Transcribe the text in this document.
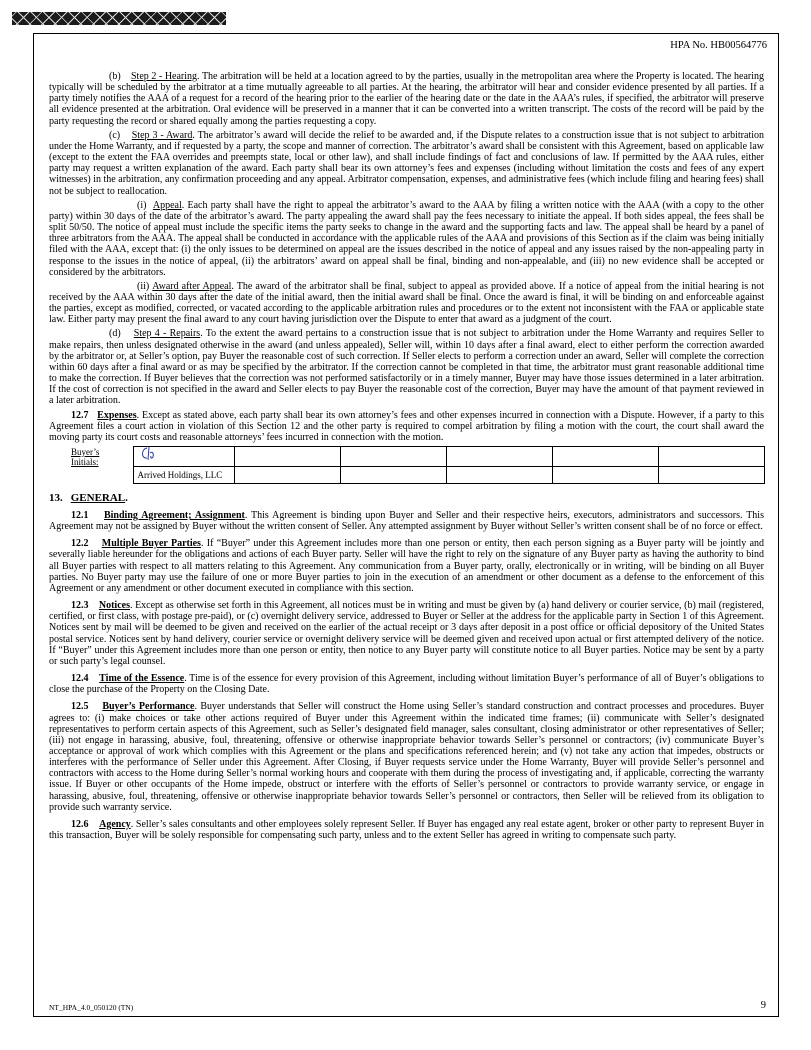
HPA No. HB00564776

(b) Step 2 - Hearing. The arbitration will be held at a location agreed to by the parties, usually in the metropolitan area where the Property is located. The hearing typically will be scheduled by the arbitrator at a time mutually agreeable to all parties. At the hearing, the arbitrator will hear and consider evidence presented by all parties. If a party timely notifies the AAA of a request for a record of the hearing prior to the earlier of the hearing date or the date in the AAA’s rules, if specified, the arbitrator will preserve all evidence presented at the arbitration. Oral evidence will be preserved in a manner that it can be converted into a written transcript. The costs of the record will be paid by the party requesting the record or shared equally among the parties requesting a copy.

(c) Step 3 - Award. The arbitrator’s award will decide the relief to be awarded and, if the Dispute relates to a construction issue that is not subject to arbitration under the Home Warranty, and if requested by a party, the scope and manner of correction. The arbitrator’s award shall be consistent with this Agreement, based on applicable law (except to the extent the FAA overrides and preempts state, local or other law), and shall include findings of fact and conclusions of law. If permitted by the AAA rules, either party may request a written explanation of the award. Each party shall bear its own attorney’s fees and expenses (including without limitation the costs and fees of any expert witnesses) in the arbitration, any confirmation proceeding and any appeal. Arbitrator compensation, expenses, and administrative fees (which include filing and hearing fees) shall not be subject to reallocation.

(i) Appeal. Each party shall have the right to appeal the arbitrator’s award to the AAA by filing a written notice with the AAA (with a copy to the other party) within 30 days of the date of the arbitrator’s award. The party appealing the award shall pay the fees necessary to initiate the appeal. If both sides appeal, the fees shall be split 50/50. The notice of appeal must include the specific items the party seeks to change in the award and the supporting facts and law. The appeal shall be heard by a panel of three arbitrators from the AAA. The appeal shall be conducted in accordance with the applicable rules of the AAA and provisions of this Section as if the claim was being initially filed with the AAA, except that: (i) the only issues to be determined on appeal are the issues described in the notice of appeal and any issues raised by the non-appealing party in response to the issues in the notice of appeal, (ii) the arbitrators’ award on appeal shall be final, binding and non-appealable, and (iii) no new evidence shall be accepted or considered by the arbitrators.

(ii) Award after Appeal. The award of the arbitrator shall be final, subject to appeal as provided above. If a notice of appeal from the initial hearing is not received by the AAA within 30 days after the date of the initial award, then the initial award shall be final. Once the award is final, it will be binding on and enforceable against the parties, except as modified, corrected, or vacated according to the applicable arbitration rules and procedures or to the extent not inconsistent with the FAA or applicable state law. Either party may present the final award to any court having jurisdiction over the Dispute to enter that award as a judgment of the court.

(d) Step 4 - Repairs. To the extent the award pertains to a construction issue that is not subject to arbitration under the Home Warranty and requires Seller to make repairs, then unless designated otherwise in the award (and unless appealed), Seller will, within 10 days after a final award, elect to either perform the correction awarded by the arbitrator or, at Seller’s option, pay Buyer the reasonable cost of such correction. If Seller elects to perform a correction under an award, Seller will complete the correction within 60 days after a final award or as may be specified by the arbitrator. If the correction cannot be completed in that time, the arbitrator must grant reasonable additional time to make the correction. If Buyer believes that the correction was not performed satisfactorily or in a timely manner, Buyer may have those issues determined in a later arbitration. If the cost of correction is not specified in the award and Seller elects to pay Buyer the reasonable cost of the correction, Buyer may have the amount of that payment reviewed in a later arbitration.

12.7 Expenses. Except as stated above, each party shall bear its own attorney’s fees and other expenses incurred in connection with a Dispute. However, if a party to this Agreement files a court action in violation of this Section 12 and the other party is required to compel arbitration by filing a motion with the court, the court shall award the moving party its court costs and reasonable attorneys’ fees incurred in connection with the motion.

Buyer’s Initials:	

	Arrived Holdings, LLC					
13. GENERAL.

12.1 Binding Agreement; Assignment. This Agreement is binding upon Buyer and Seller and their respective heirs, executors, administrators and successors. This Agreement may not be assigned by Buyer without the written consent of Seller. Any attempted assignment by Buyer without Seller’s written consent shall be of no force or effect.

12.2 Multiple Buyer Parties. If “Buyer” under this Agreement includes more than one person or entity, then each person signing as a Buyer party will be jointly and severally liable hereunder for the obligations and actions of each Buyer party. Seller will have the right to rely on the signature of any Buyer party as having the authority to bind all Buyer parties with respect to all matters relating to this Agreement. Any communication from a Buyer party, orally, electronically or in writing, will be binding on all Buyer parties. No Buyer party may use the failure of one or more Buyer parties to join in the execution of an amendment or other document as a defense to the enforcement of this Agreement or any amendment or other document executed in compliance with this section.

12.3 Notices. Except as otherwise set forth in this Agreement, all notices must be in writing and must be given by (a) hand delivery or courier service, (b) mail (registered, certified, or first class, with postage pre-paid), or (c) overnight delivery service, addressed to Buyer or Seller at the address for the applicable party in Section 1 of this Agreement. Notices sent by mail will be deemed to be given and received on the earlier of the actual receipt or 3 days after deposit in a post office or official depository of the United States postal service. Notices sent by hand delivery, courier service or overnight delivery service will be deemed given and received upon actual or first attempted delivery of the notice. If “Buyer” under this Agreement includes more than one person or entity, then notice to any Buyer party will constitute notice to all Buyer parties. Notice may be sent by a party or such party’s legal counsel.

12.4 Time of the Essence. Time is of the essence for every provision of this Agreement, including without limitation Buyer’s performance of all of Buyer’s obligations to close the purchase of the Property on the Closing Date.

12.5 Buyer’s Performance. Buyer understands that Seller will construct the Home using Seller’s standard construction and contract processes and procedures. Buyer agrees to: (i) make choices or take other actions required of Buyer under this Agreement within the indicated time frames; (ii) communicate with Seller’s designated representatives to perform certain aspects of this Agreement, such as Seller’s designated field manager, sales consultant, closing administrator or other representatives of Seller; (iii) not engage in harassing, abusive, foul, threatening, offensive or otherwise inappropriate behavior towards Seller’s personnel or contractors; (iv) communicate Buyer’s acceptance or approval of work which complies with this Agreement or the plans and specifications referenced herein; and (v) not take any action that impedes, obstructs or interferes with the performance of Seller under this Agreement. After Closing, if Buyer requests service under the Home Warranty, Buyer will provide Seller’s personnel and contractors with access to the Home during Seller’s normal working hours and cooperate with them during the process of investigating and, if applicable, correcting the warranty issue. If Buyer or other occupants of the Home impede, obstruct or interfere with the efforts of Seller’s personnel or contractors to provide warranty service, or engage in harassing, abusive, foul, threatening, offensive or otherwise inappropriate behavior towards Seller’s personnel or contractors, then Seller will be relieved from its obligation to provide such warranty service.

12.6 Agency. Seller’s sales consultants and other employees solely represent Seller. If Buyer has engaged any real estate agent, broker or other party to represent Buyer in this transaction, Buyer will be solely responsible for compensating such party, unless and to the extent Seller has agreed in writing to compensate such party.

NT_HPA_4.0_050120 (TN)	9
